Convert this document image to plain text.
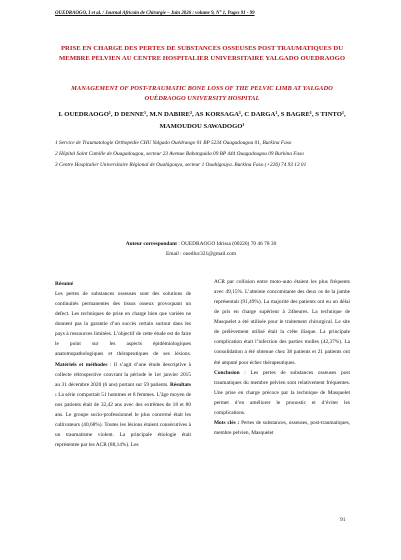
OUEDRAOGO, I et al. / Journal Africain de Chirurgie – Juin 2026 : volume 9, N° 1, Pages 91 - 99
PRISE EN CHARGE DES PERTES DE SUBSTANCES OSSEUSES POST TRAUMATIQUES DU MEMBRE PELVIEN AU CENTRE HOSPITALIER UNIVERSITAIRE YALGADO OUEDRAOGO
MANAGEMENT OF POST-TRAUMATIC BONE LOSS OF THE PELVIC LIMB AT YALGADO OUÉDRAOGO UNIVERSITY HOSPITAL
I. OUEDRAOGO¹, D DENNE¹, M.N DABIRE², AS KORSAGA¹, C DARGA¹, S BAGRE¹, S TINTO¹, MAMOUDOU SAWADOGO¹

1 Service de Traumatologie Orthopédie CHU Yalgado Ouédraogo 01 BP 5234 Ouagadougou 01, Burkina Faso

2 Hôpital Saint Camille de Ouagadougou, secteur 23 Avenue Babanguida 09 BP 444 Ouagadougou 09 Burkina Faso

3 Centre Hospitalier Universitaire Régional de Ouahigouya, secteur 1 Ouahigouya. Burkina Faso (+226) 74 93 13 01

Auteur correspondant : OUEDRAOGO Idrissa (00226) 70 46 78 30
Email : ouedluc321@gmail.com

Résumé

Les pertes de substances osseuses sont des solutions de continuités permanentes des tissus osseux provoquant un defect. Les techniques de prise en charge bien que variées ne donnent pas la garantie d’un succès certain surtout dans les pays à ressources limitées. L’objectif de cette étude est de faire le point sur les aspects épidémiologiques anatomopathologiques et thérapeutiques de ses lésions. Matériels et méthodes : Il s’agit d’une étude descriptive à collecte rétrospective couvrant la période le 1er janvier 2015 au 31 décembre 2020 (6 ans) portant sur 59 patients. Résultats : La série comportait 51 hommes et 8 femmes. L’âge moyen de nos patients était de 32,42 ans avec des extrêmes de 18 et 80 ans. Le groupe socio-professionnel le plus concerné était les cultivateurs (40,68%). Toutes les lésions étaient consécutives à un traumatisme violent. La principale étiologie était représentée par les ACR (88,14%). Les

ACR par collision entre moto-auto étaient les plus fréquents avec 49,15%. L’atteinte concomitante des deux os de la jambe représentait (91,49%). La majorité des patients ont eu un délai de pris en charge supérieur à 24heures. La technique de Masquelet a été utilisée pour le traitement chirurgical. Le site de prélèvement utilisé était la crête iliaque. La principale complication était l’infection des parties molles (42,37%). La consolidation a été obtenue chez 38 patients et 21 patients ont été amputé pour échec thérapeutiques.

Conclusion : Les pertes de substances osseuses post traumatiques du membre pelvien sont relativement fréquentes. Une prise en charge précoce par la technique de Masquelet permet d’en améliorer le pronostic et d’éviter les complications.

Mots clés : Pertes de substances, osseuses, post-traumatiques, membre pelvien, Masquelet

91
